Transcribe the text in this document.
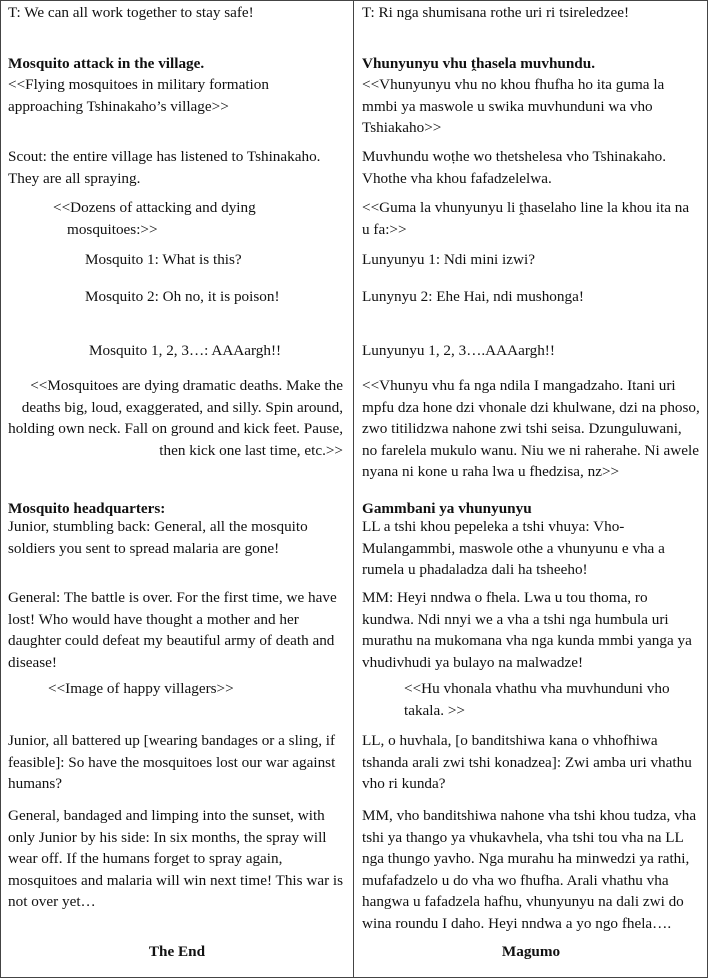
T: We can all work together to stay safe!

Mosquito attack in the village.

<<Flying mosquitoes in military formation approaching Tshinakaho’s village>>

Scout: the entire village has listened to Tshinakaho. They are all spraying.

<<Dozens of attacking and dying mosquitoes:>>

Mosquito 1: What is this?

Mosquito 2: Oh no, it is poison!

Mosquito 1, 2, 3…: AAAargh!!

<<Mosquitoes are dying dramatic deaths. Make the deaths big, loud, exaggerated, and silly. Spin around, holding own neck. Fall on ground and kick feet. Pause, then kick one last time, etc.>>

Mosquito headquarters:

Junior, stumbling back: General, all the mosquito soldiers you sent to spread malaria are gone!

General: The battle is over. For the first time, we have lost! Who would have thought a mother and her daughter could defeat my beautiful army of death and disease!

<<Image of happy villagers>>

Junior, all battered up [wearing bandages or a sling, if feasible]: So have the mosquitoes lost our war against humans?

General, bandaged and limping into the sunset, with only Junior by his side: In six months, the spray will wear off. If the humans forget to spray again, mosquitoes and malaria will win next time! This war is not over yet…

The End

T: Ri nga shumisana rothe uri ri tsireledzee!

Vhunyunyu vhu ṱhasela muvhundu.

<<Vhunyunyu vhu no khou fhufha ho ita guma la mmbi ya maswole u swika muvhunduni wa vho Tshiakaho>>

Muvhundu woṭhe wo thetshelesa vho Tshinakaho. Vhothe vha khou fafadzelelwa.

<<Guma la vhunyunyu li ṱhaselaho line la khou ita na u fa:>>

Lunyunyu 1: Ndi mini izwi?

Lunynyu 2: Ehe Hai, ndi mushonga!

Lunyunyu 1, 2, 3….AAAargh!!

<<Vhunyu vhu fa nga ndila I mangadzaho. Itani uri mpfu dza hone dzi vhonale dzi khulwane, dzi na phoso, zwo titilidzwa nahone zwi tshi seisa. Dzunguluwani, no farelela mukulo wanu. Niu we ni raherahe. Ni awele nyana ni kone u raha lwa u fhedzisa, nz>>

Gammbani ya vhunyunyu

LL a tshi khou pepeleka a tshi vhuya: Vho-Mulangammbi, maswole othe a vhunyunu e vha a rumela u phadaladza dali ha tsheeho!

MM: Heyi nndwa o fhela. Lwa u tou thoma, ro kundwa. Ndi nnyi we a vha a tshi nga humbula uri murathu na mukomana vha nga kunda mmbi yanga ya vhudivhudi ya bulayo na malwadze!

<<Hu vhonala vhathu vha muvhunduni vho takala. >>

LL, o huvhala, [o banditshiwa kana o vhhofhiwa tshanda arali zwi tshi konadzea]: Zwi amba uri vhathu vho ri kunda?

MM, vho banditshiwa nahone vha tshi khou tudza, vha tshi ya thango ya vhukavhela, vha tshi tou vha na LL nga thungo yavho. Nga murahu ha minwedzi ya rathi, mufafadzelo u do vha wo fhufha. Arali vhathu vha hangwa u fafadzela hafhu, vhunyunyu na dali zwi do wina roundu I daho. Heyi nndwa a yo ngo fhela….

Magumo
